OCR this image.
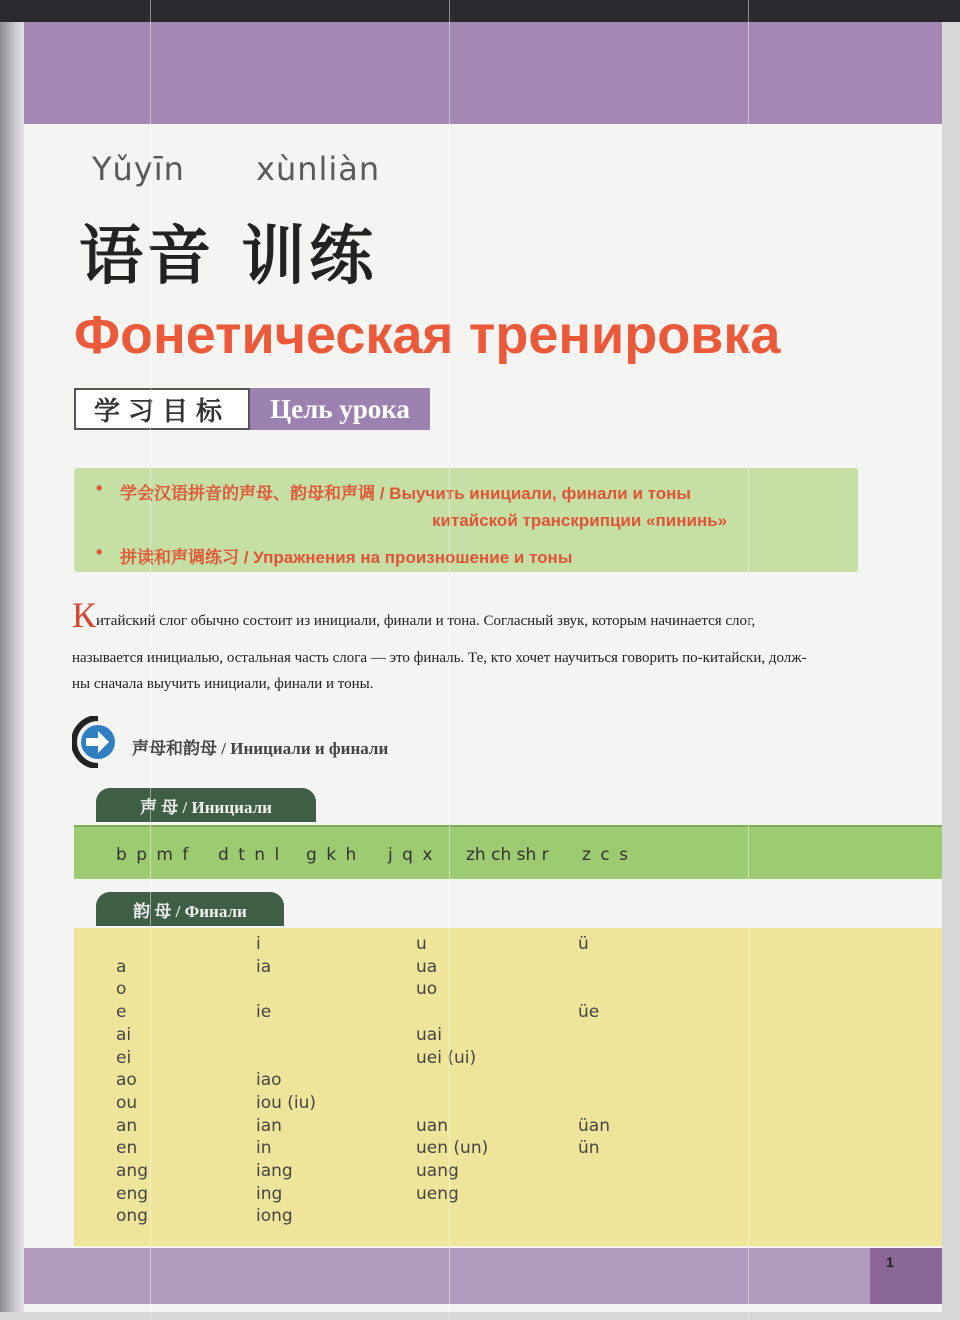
Yǔyīn xùnliàn
语音 训练
Фонетическая тренировка
学习目标	Цель урока
• 学会汉语拼音的声母、韵母和声调 / Выучить инициали, финали и тоны
китайской транскрипции «пининь»
• 拼读和声调练习 / Упражнения на произношение и тоны
Китайский слог обычно состоит из инициали, финали и тона. Согласный звук, которым начинается слог,
называется инициалью, остальная часть слога — это финаль. Те, кто хочет научиться говорить по-китайски, долж-
ны сначала выучить инициали, финали и тоны.
声母和韵母 / Инициали и финали
声 母 / Инициали
b p m f d t n l g k h j q x zh ch sh r z c s
韵 母 / Финали
a
o
e
ai
ei
ao
ou
an
en
ang
eng
ong
i
ia
ie
iao
iou (iu)
ian
in
iang
ing
iong
u
ua
uo
uai
uei (ui)
uan
uen (un)
uang
ueng
ü
üe
üan
ün
1
